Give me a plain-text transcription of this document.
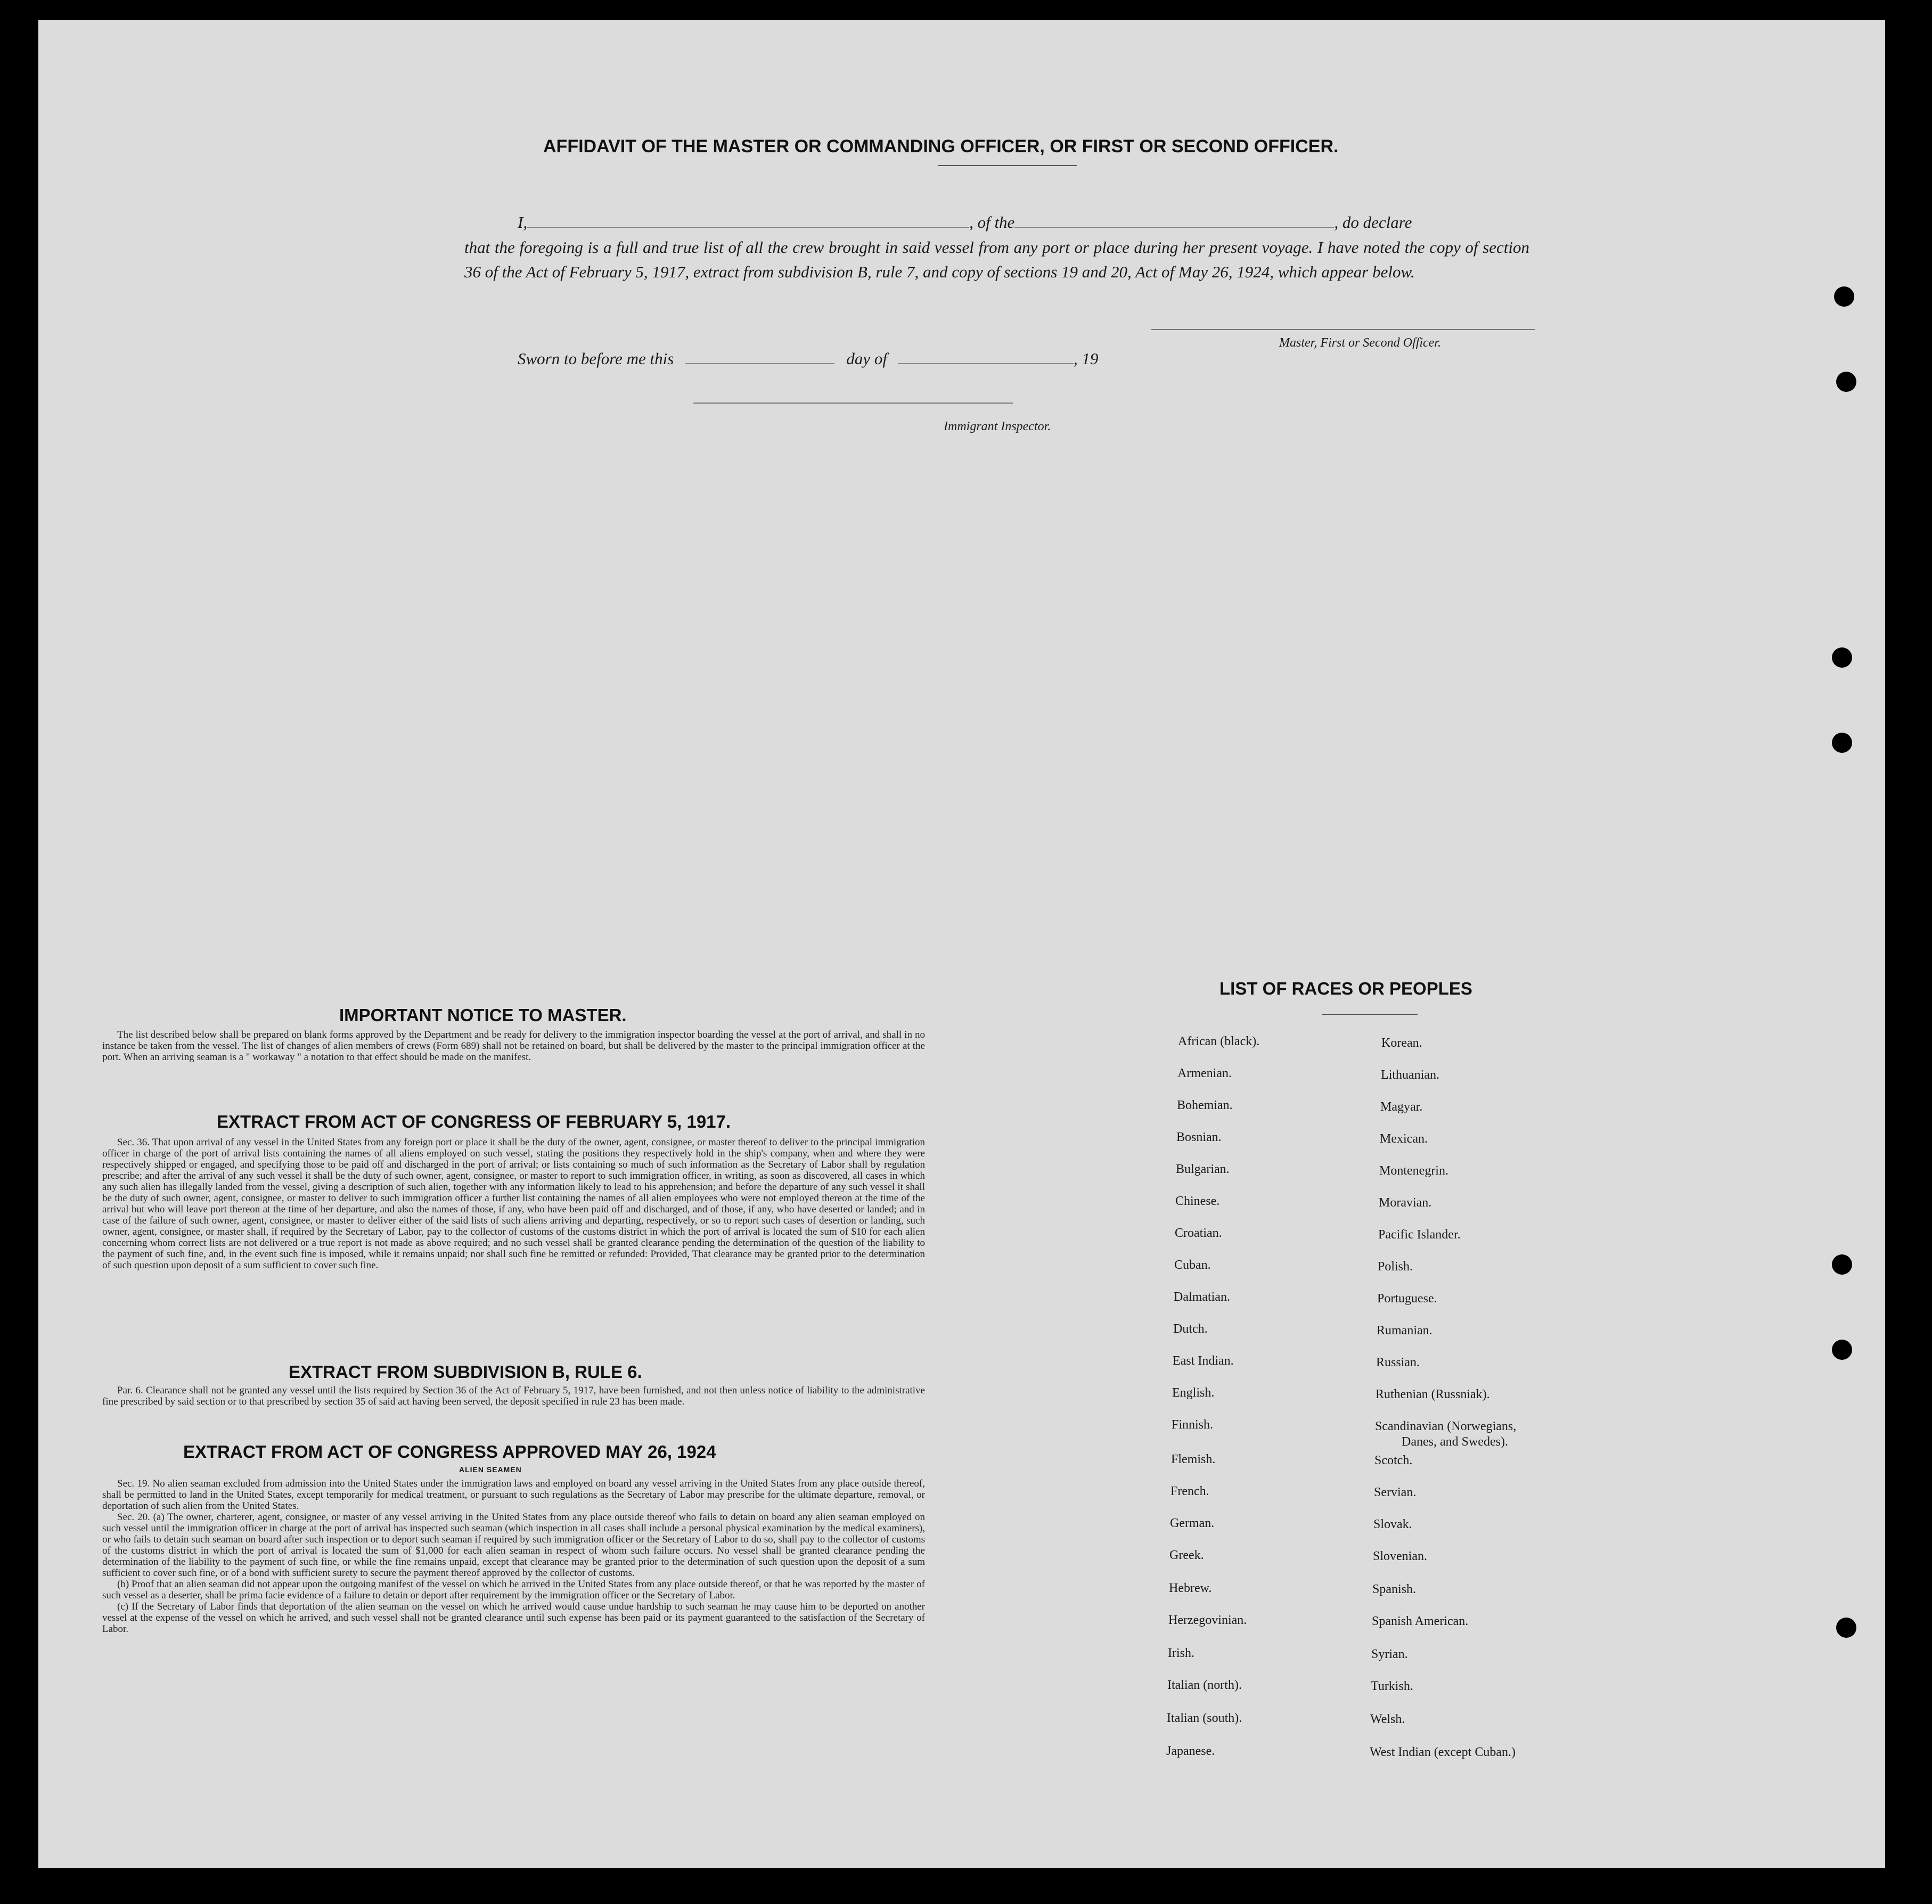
AFFIDAVIT OF THE MASTER OR COMMANDING OFFICER, OR FIRST OR SECOND OFFICER.
I,	, of the	, do declare
that the foregoing is a full and true list of all the crew brought in said vessel from any port or place during her present voyage. I have noted the copy of section 36 of the Act of February 5, 1917, extract from subdivision B, rule 7, and copy of sections 19 and 20, Act of May 26, 1924, which appear below.
Master, First or Second Officer.
Sworn to before me this	day of	, 19
Immigrant Inspector.
IMPORTANT NOTICE TO MASTER.

The list described below shall be prepared on blank forms approved by the Department and be ready for delivery to the immigration inspector boarding the vessel at the port of arrival, and shall in no instance be taken from the vessel. The list of changes of alien members of crews (Form 689) shall not be retained on board, but shall be delivered by the master to the principal immigration officer at the port. When an arriving seaman is a " workaway " a notation to that effect should be made on the manifest.

EXTRACT FROM ACT OF CONGRESS OF FEBRUARY 5, 1917.

Sec. 36. That upon arrival of any vessel in the United States from any foreign port or place it shall be the duty of the owner, agent, consignee, or master thereof to deliver to the principal immigration officer in charge of the port of arrival lists containing the names of all aliens employed on such vessel, stating the positions they respectively hold in the ship's company, when and where they were respectively shipped or engaged, and specifying those to be paid off and discharged in the port of arrival; or lists containing so much of such information as the Secretary of Labor shall by regulation prescribe; and after the arrival of any such vessel it shall be the duty of such owner, agent, consignee, or master to report to such immigration officer, in writing, as soon as discovered, all cases in which any such alien has illegally landed from the vessel, giving a description of such alien, together with any information likely to lead to his apprehension; and before the departure of any such vessel it shall be the duty of such owner, agent, consignee, or master to deliver to such immigration officer a further list containing the names of all alien employees who were not employed thereon at the time of the arrival but who will leave port thereon at the time of her departure, and also the names of those, if any, who have been paid off and discharged, and of those, if any, who have deserted or landed; and in case of the failure of such owner, agent, consignee, or master to deliver either of the said lists of such aliens arriving and departing, respectively, or so to report such cases of desertion or landing, such owner, agent, consignee, or master shall, if required by the Secretary of Labor, pay to the collector of customs of the customs district in which the port of arrival is located the sum of $10 for each alien concerning whom correct lists are not delivered or a true report is not made as above required; and no such vessel shall be granted clearance pending the determination of the question of the liability to the payment of such fine, and, in the event such fine is imposed, while it remains unpaid; nor shall such fine be remitted or refunded: Provided, That clearance may be granted prior to the determination of such question upon deposit of a sum sufficient to cover such fine.

EXTRACT FROM SUBDIVISION B, RULE 6.

Par. 6. Clearance shall not be granted any vessel until the lists required by Section 36 of the Act of February 5, 1917, have been furnished, and not then unless notice of liability to the administrative fine prescribed by said section or to that prescribed by section 35 of said act having been served, the deposit specified in rule 23 has been made.

EXTRACT FROM ACT OF CONGRESS APPROVED MAY 26, 1924
ALIEN SEAMEN

Sec. 19. No alien seaman excluded from admission into the United States under the immigration laws and employed on board any vessel arriving in the United States from any place outside thereof, shall be permitted to land in the United States, except temporarily for medical treatment, or pursuant to such regulations as the Secretary of Labor may prescribe for the ultimate departure, removal, or deportation of such alien from the United States.

Sec. 20. (a) The owner, charterer, agent, consignee, or master of any vessel arriving in the United States from any place outside thereof who fails to detain on board any alien seaman employed on such vessel until the immigration officer in charge at the port of arrival has inspected such seaman (which inspection in all cases shall include a personal physical examination by the medical examiners), or who fails to detain such seaman on board after such inspection or to deport such seaman if required by such immigration officer or the Secretary of Labor to do so, shall pay to the collector of customs of the customs district in which the port of arrival is located the sum of $1,000 for each alien seaman in respect of whom such failure occurs. No vessel shall be granted clearance pending the determination of the liability to the payment of such fine, or while the fine remains unpaid, except that clearance may be granted prior to the determination of such question upon the deposit of a sum sufficient to cover such fine, or of a bond with sufficient surety to secure the payment thereof approved by the collector of customs.

(b) Proof that an alien seaman did not appear upon the outgoing manifest of the vessel on which he arrived in the United States from any place outside thereof, or that he was reported by the master of such vessel as a deserter, shall be prima facie evidence of a failure to detain or deport after requirement by the immigration officer or the Secretary of Labor.

(c) If the Secretary of Labor finds that deportation of the alien seaman on the vessel on which he arrived would cause undue hardship to such seaman he may cause him to be deported on another vessel at the expense of the vessel on which he arrived, and such vessel shall not be granted clearance until such expense has been paid or its payment guaranteed to the satisfaction of the Secretary of Labor.

LIST OF RACES OR PEOPLES
African (black).
Armenian.
Bohemian.
Bosnian.
Bulgarian.
Chinese.
Croatian.
Cuban.
Dalmatian.
Dutch.
East Indian.
English.
Finnish.
Flemish.
French.
German.
Greek.
Hebrew.
Herzegovinian.
Irish.
Italian (north).
Italian (south).
Japanese.
Korean.
Lithuanian.
Magyar.
Mexican.
Montenegrin.
Moravian.
Pacific Islander.
Polish.
Portuguese.
Rumanian.
Russian.
Ruthenian (Russniak).
Scandinavian (Norwegians,
Danes, and Swedes).
Scotch.
Servian.
Slovak.
Slovenian.
Spanish.
Spanish American.
Syrian.
Turkish.
Welsh.
West Indian (except Cuban.)
